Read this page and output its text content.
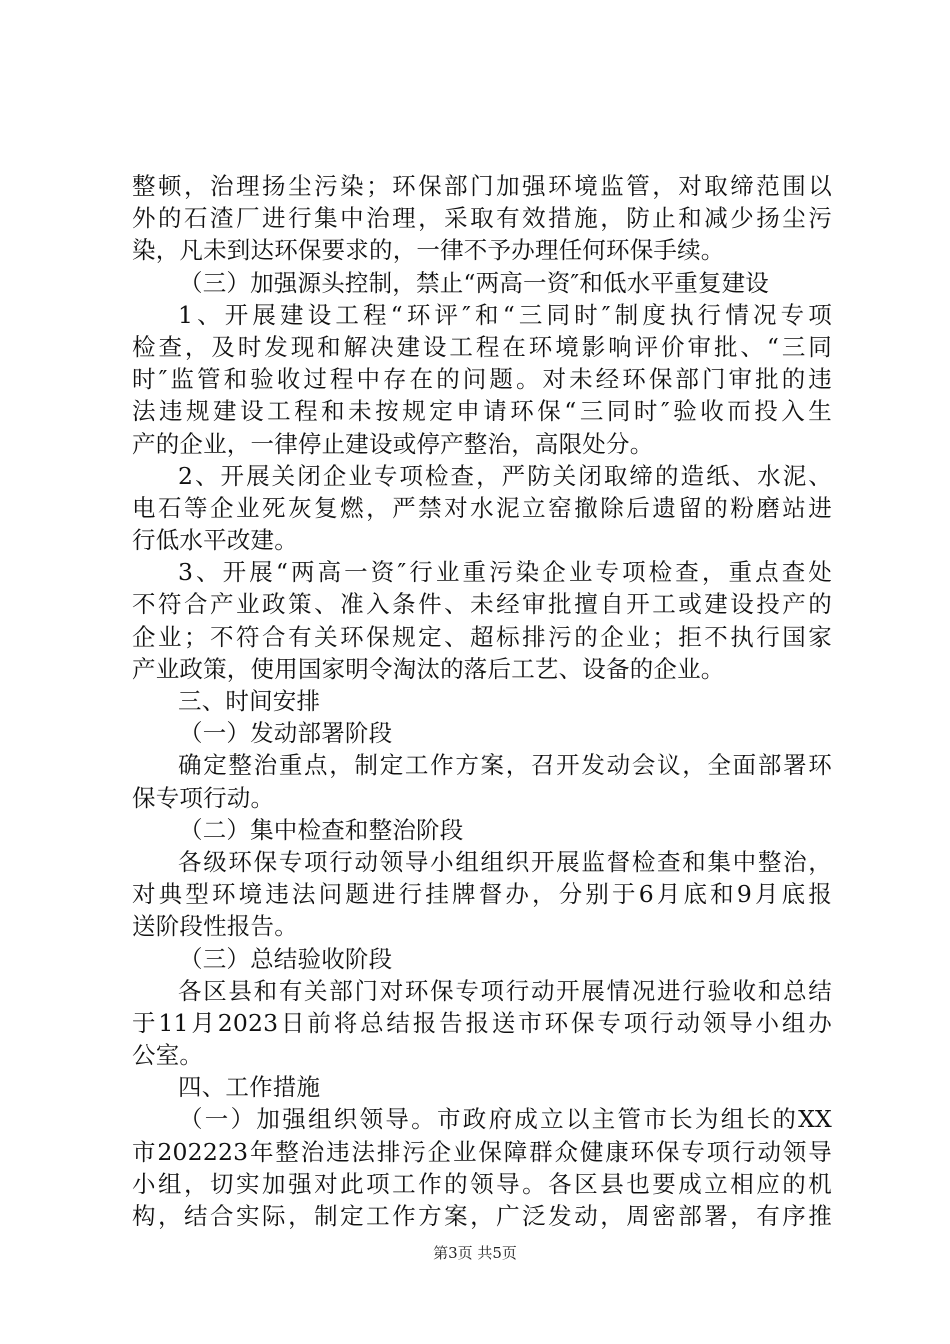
整顿，治理扬尘污染；环保部门加强环境监管，对取缔范围以
外的石渣厂进行集中治理，采取有效措施，防止和减少扬尘污
染，凡未到达环保要求的，一律不予办理任何环保手续。
（三）加强源头控制，禁止“两高一资″和低水平重复建设
1、开展建设工程“环评″和“三同时″制度执行情况专项
检查，及时发现和解决建设工程在环境影响评价审批、“三同
时″监管和验收过程中存在的问题。对未经环保部门审批的违
法违规建设工程和未按规定申请环保“三同时″验收而投入生
产的企业，一律停止建设或停产整治，高限处分。
2、开展关闭企业专项检查，严防关闭取缔的造纸、水泥、
电石等企业死灰复燃，严禁对水泥立窑撤除后遗留的粉磨站进
行低水平改建。
3、开展“两高一资″行业重污染企业专项检查，重点查处
不符合产业政策、准入条件、未经审批擅自开工或建设投产的
企业；不符合有关环保规定、超标排污的企业；拒不执行国家
产业政策，使用国家明令淘汰的落后工艺、设备的企业。
三、时间安排
（一）发动部署阶段
确定整治重点，制定工作方案，召开发动会议，全面部署环
保专项行动。
（二）集中检查和整治阶段
各级环保专项行动领导小组组织开展监督检查和集中整治，
对典型环境违法问题进行挂牌督办，分别于6月底和9月底报
送阶段性报告。
（三）总结验收阶段
各区县和有关部门对环保专项行动开展情况进行验收和总结
于11月2023日前将总结报告报送市环保专项行动领导小组办
公室。
四、工作措施
（一）加强组织领导。市政府成立以主管市长为组长的XX
市202223年整治违法排污企业保障群众健康环保专项行动领导
小组，切实加强对此项工作的领导。各区县也要成立相应的机
构，结合实际，制定工作方案，广泛发动，周密部署，有序推
第3页 共5页
